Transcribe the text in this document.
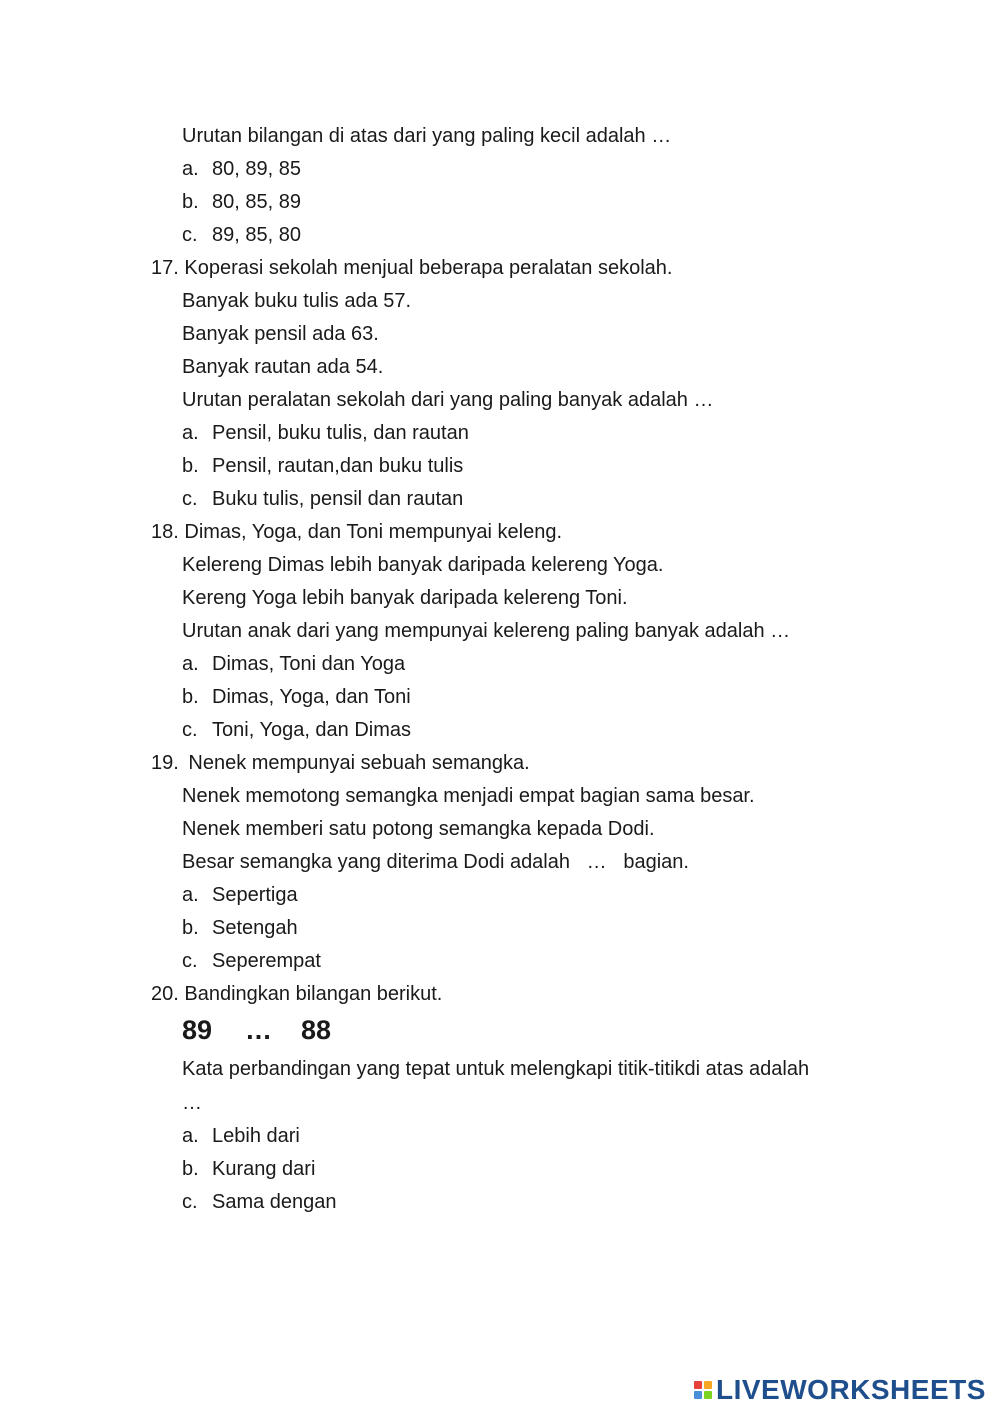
Urutan bilangan di atas dari yang paling kecil adalah …
a. 80, 89, 85
b. 80, 85, 89
c. 89, 85, 80
17. Koperasi sekolah menjual beberapa peralatan sekolah.
Banyak buku tulis ada 57.
Banyak pensil ada 63.
Banyak rautan ada 54.
Urutan peralatan sekolah dari yang paling banyak adalah …
a. Pensil, buku tulis, dan rautan
b. Pensil, rautan,dan buku tulis
c. Buku tulis, pensil dan rautan
18. Dimas, Yoga, dan Toni mempunyai keleng.
Kelereng Dimas lebih banyak daripada kelereng Yoga.
Kereng Yoga lebih banyak daripada kelereng Toni.
Urutan anak dari yang mempunyai kelereng paling banyak adalah …
a. Dimas, Toni dan Yoga
b. Dimas, Yoga, dan Toni
c. Toni, Yoga, dan Dimas
19. Nenek mempunyai sebuah semangka.
Nenek memotong semangka menjadi empat bagian sama besar.
Nenek memberi satu potong semangka kepada Dodi.
Besar semangka yang diterima Dodi adalah   …   bagian.
a. Sepertiga
b. Setengah
c. Seperempat
20. Bandingkan bilangan berikut.
89 … 88
Kata perbandingan yang tepat untuk melengkapi titik-titikdi atas adalah
…
a. Lebih dari
b. Kurang dari
c. Sama dengan
LIVEWORKSHEETS
